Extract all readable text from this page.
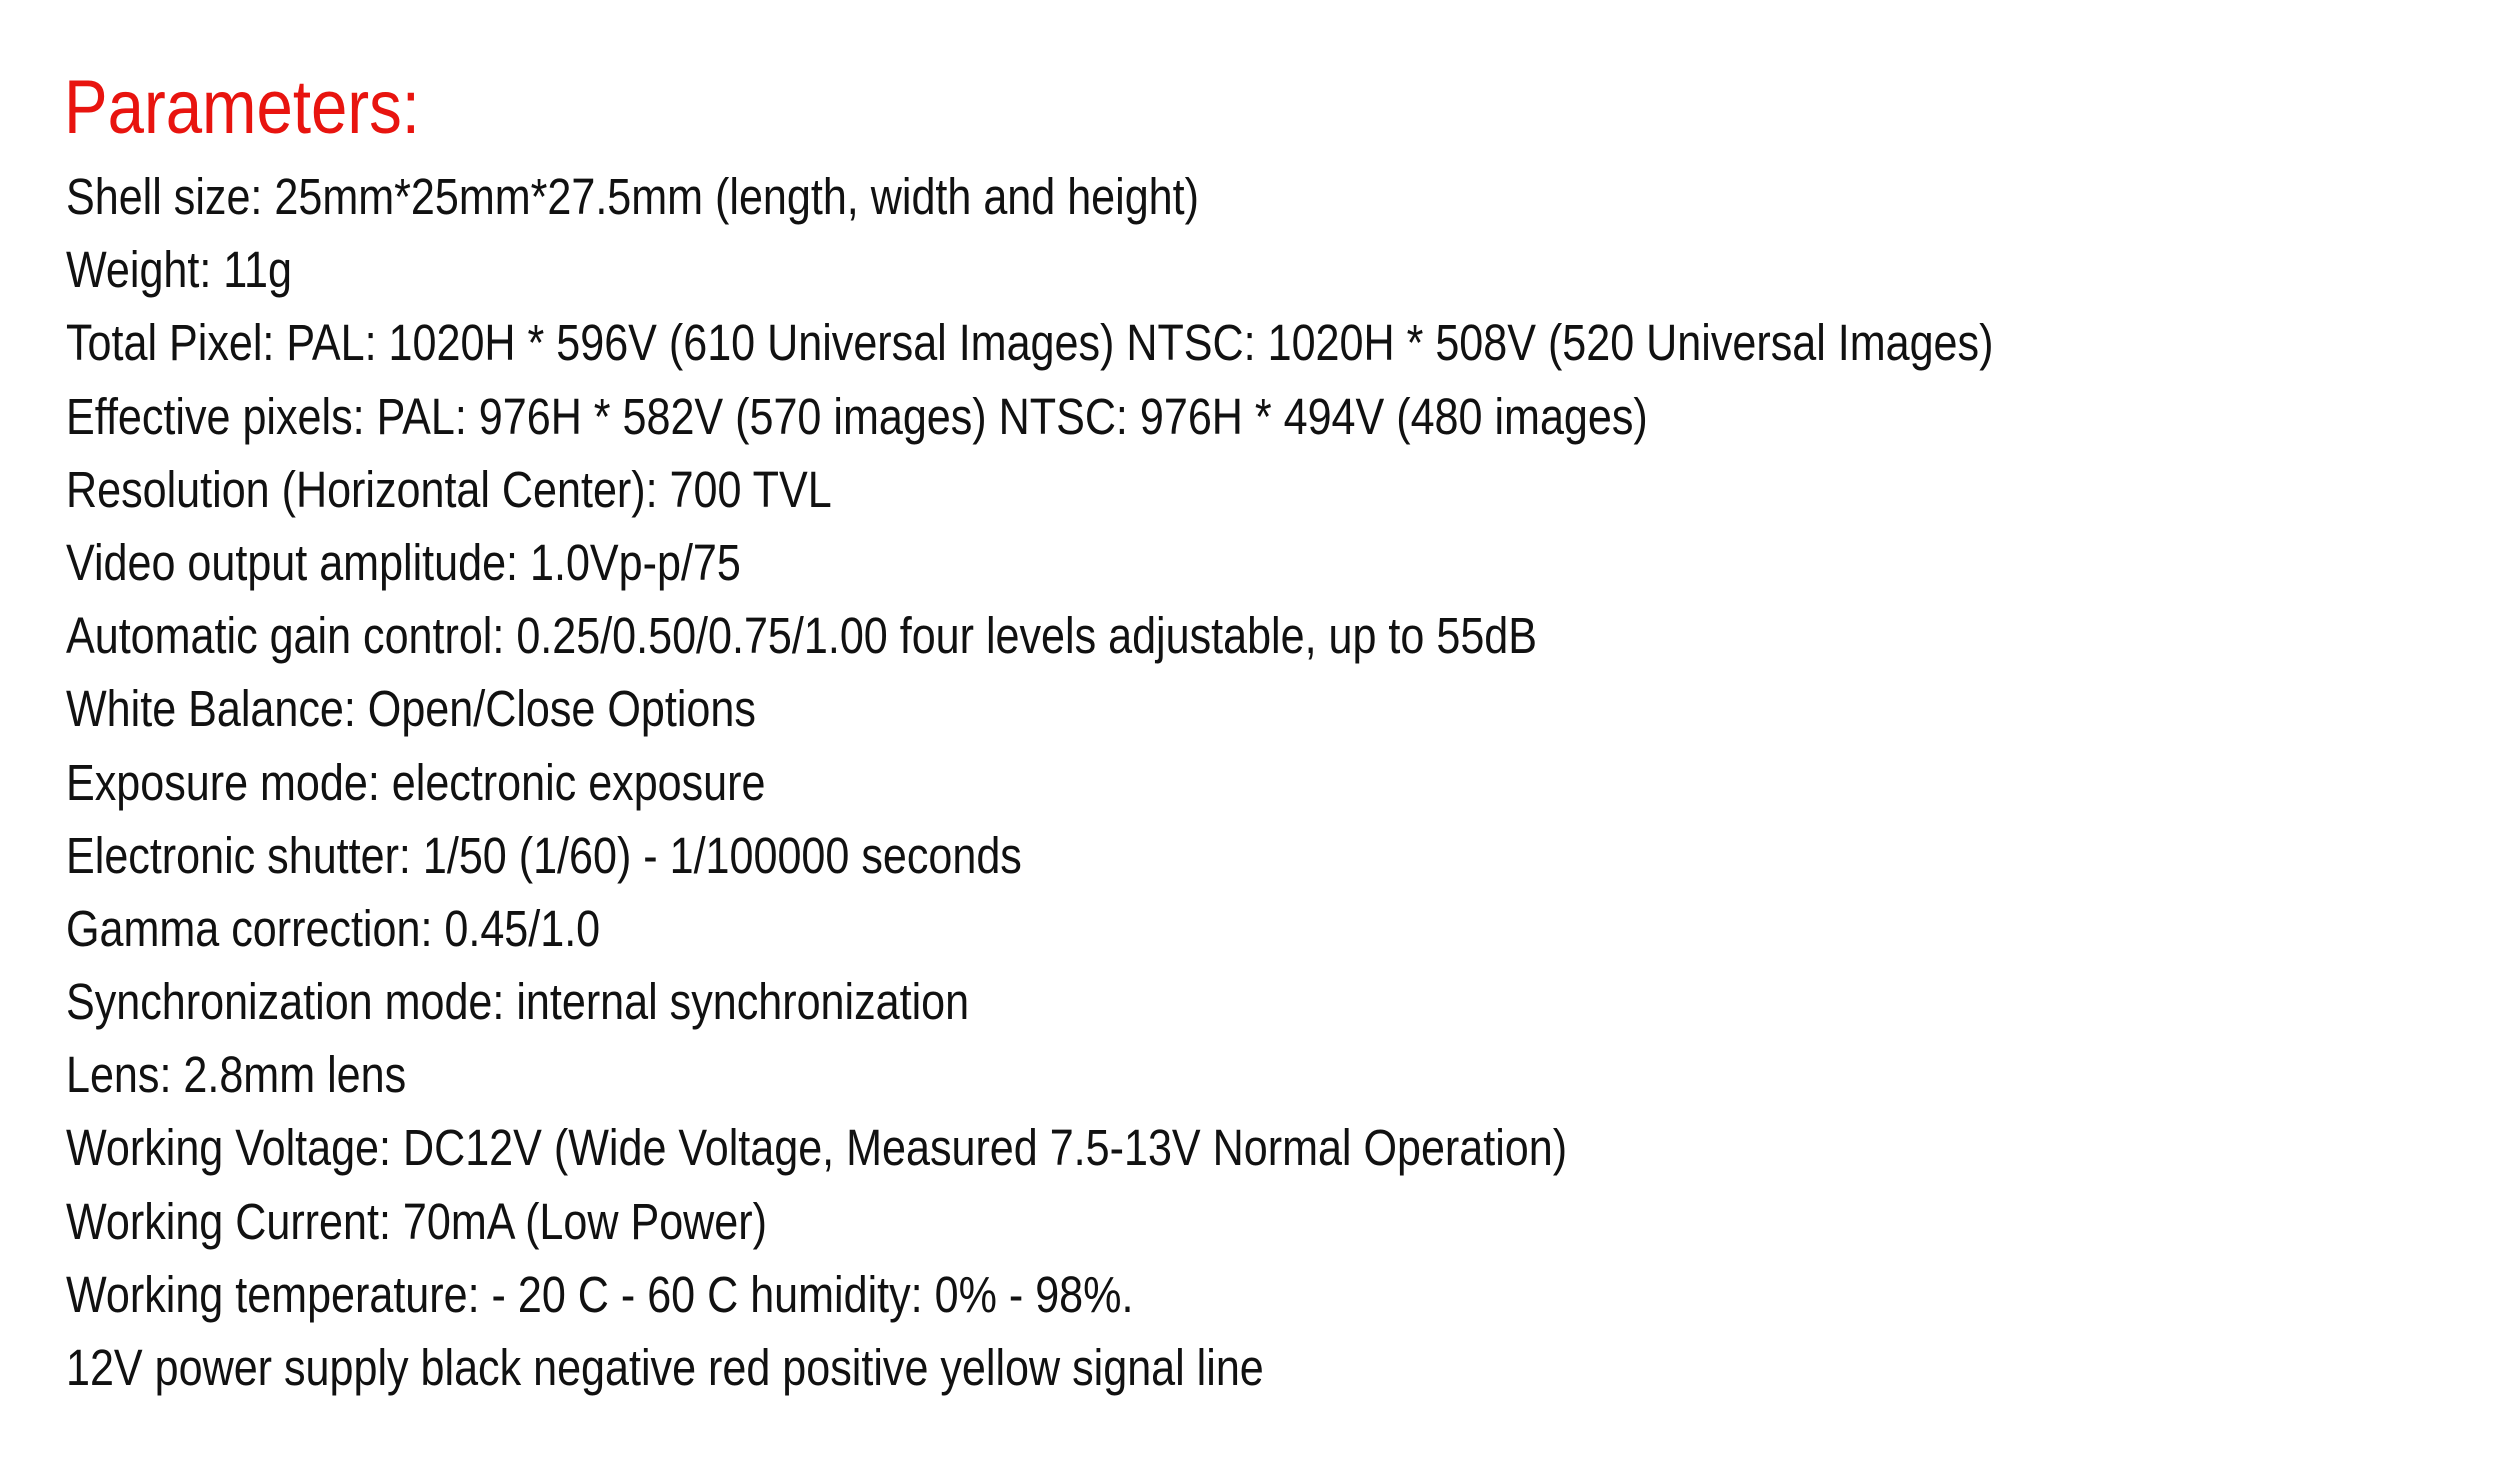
Parameters:
Shell size: 25mm*25mm*27.5mm (length, width and height)
Weight: 11g
Total Pixel: PAL: 1020H * 596V (610 Universal Images) NTSC: 1020H * 508V (520 Universal Images)
Effective pixels: PAL: 976H * 582V (570 images) NTSC: 976H * 494V (480 images)
Resolution (Horizontal Center): 700 TVL
Video output amplitude: 1.0Vp-p/75
Automatic gain control: 0.25/0.50/0.75/1.00 four levels adjustable, up to 55dB
White Balance: Open/Close Options
Exposure mode: electronic exposure
Electronic shutter: 1/50 (1/60) - 1/100000 seconds
Gamma correction: 0.45/1.0
Synchronization mode: internal synchronization
Lens: 2.8mm lens
Working Voltage: DC12V (Wide Voltage, Measured 7.5-13V Normal Operation)
Working Current: 70mA (Low Power)
Working temperature: - 20 C - 60 C humidity: 0% - 98%.
12V power supply black negative red positive yellow signal line
